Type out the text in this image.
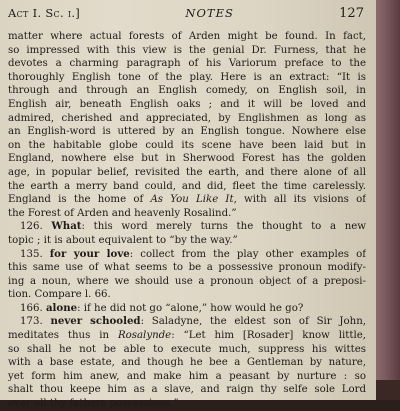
Act I. Sc. i.]	NOTES	127
matter where actual forests of Arden might be found. In fact,
so impressed with this view is the genial Dr. Furness, that he
devotes a charming paragraph of his Variorum preface to the
thoroughly English tone of the play. Here is an extract: “It is
through and through an English comedy, on English soil, in
English air, beneath English oaks ; and it will be loved and
admired, cherished and appreciated, by Englishmen as long as
an English-word is uttered by an English tongue. Nowhere else
on the habitable globe could its scene have been laid but in
England, nowhere else but in Sherwood Forest has the golden
age, in popular belief, revisited the earth, and there alone of all
the earth a merry band could, and did, fleet the time carelessly.
England is the home of As You Like It, with all its visions of
the Forest of Arden and heavenly Rosalind.”
126. What: this word merely turns the thought to a new
topic ; it is about equivalent to “by the way.”
135. for your love: collect from the play other examples of
this same use of what seems to be a possessive pronoun modify-
ing a noun, where we should use a pronoun object of a preposi-
tion. Compare l. 66.
166. alone: if he did not go “alone,” how would he go?
173. never schooled: Saladyne, the eldest son of Sir John,
meditates thus in Rosalynde: “Let him [Rosader] know little,
so shall he not be able to execute much, suppress his wittes
with a base estate, and though he bee a Gentleman by nature,
yet form him anew, and make him a peasant by nurture : so
shalt thou keepe him as a slave, and raign thy selfe sole Lord
over all thy fathers possessions.”
